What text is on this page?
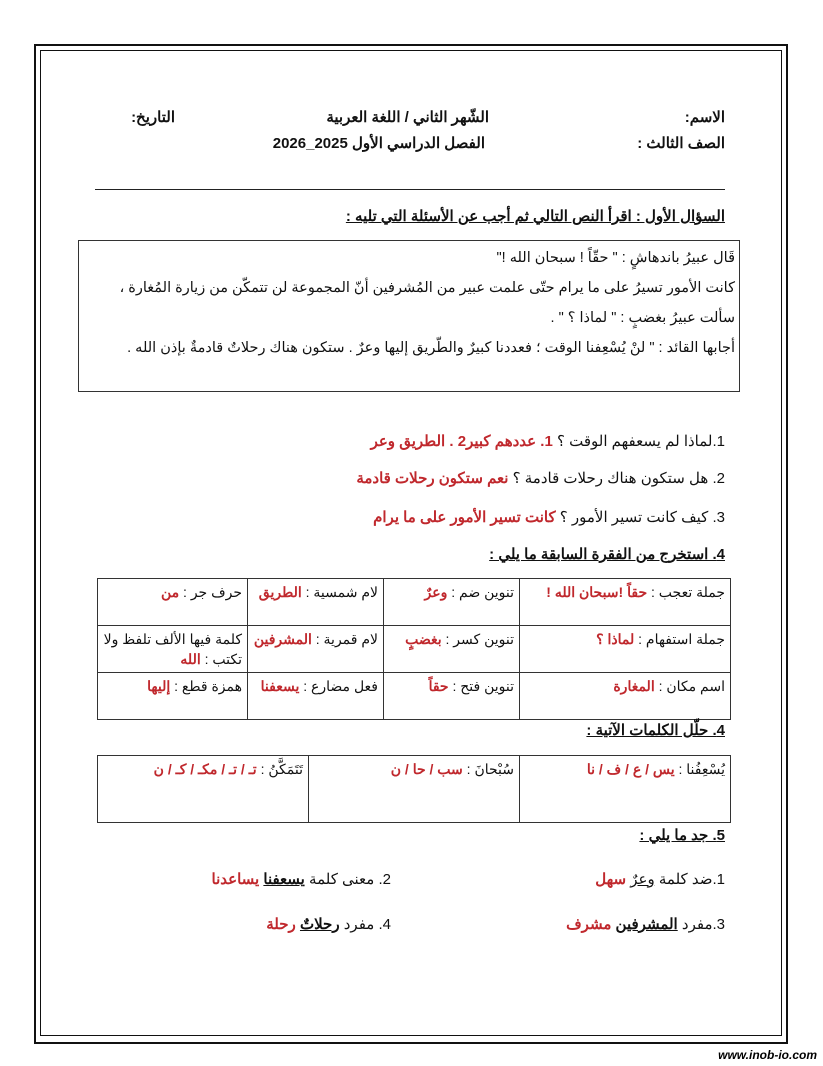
الاسم:
الصف الثالث :
الشّهر الثاني / اللغة العربية
الفصل الدراسي الأول 2025_2026
التاريخ:
السؤال الأول : اقرأ النص التالي ثم أجب عن الأسئلة التي تليه :
قَال عبيرُ باندهاشٍ : " حقّاً ! سبحان الله !"
كانت الأمور تسيرُ على ما يرام حتّى علمت عبير من المُشرفين أنّ المجموعة لن تتمكّن من زيارة المُغارة ،
سألت عبيرُ بغضبٍ : " لماذا ؟ " .
أجابها القائد : " لنْ يُسْعِفنا الوقت ؛ فعددنا كبيرٌ والطّريق إليها وعرٌ . ستكون هناك رحلاتٌ قادمةٌ بإذن الله .
1.لماذا لم يسعفهم الوقت ؟ 1. عددهم كبير2 . الطريق وعر
2. هل ستكون هناك رحلات قادمة ؟ نعم ستكون رحلات قادمة
3. كيف كانت تسير الأمور ؟ كانت تسير الأمور على ما يرام
4. استخرج من الفقرة السابقة ما يلي :
جملة تعجب : حقاً !سبحان الله !	تنوين ضم : وعرٌ	لام شمسية : الطريق	حرف جر : من
جملة استفهام : لماذا ؟	تنوين كسر : بغضبٍ	لام قمرية : المشرفين	كلمة فيها الألف تلفظ ولا تكتب : الله
اسم مكان : المغارة	تنوين فتح : حقاً	فعل مضارع : يسعفنا	همزة قطع : إليها
4. حلّل الكلمات الآتية :
يُسْعِفُنا : يس / ع / ف / نا	سُبْحانَ : سب / حا / ن	تَتَمَكَّنُ : تـ / تـ / مكـ / كـ / ن
5. جد ما يلي :
1.ضد كلمة وعرٌ سهل
2. معنى كلمة يسعفنا يساعدنا
3.مفرد المشرفين مشرف
4. مفرد رحلاتٌ رحلة
www.inob-io.com
